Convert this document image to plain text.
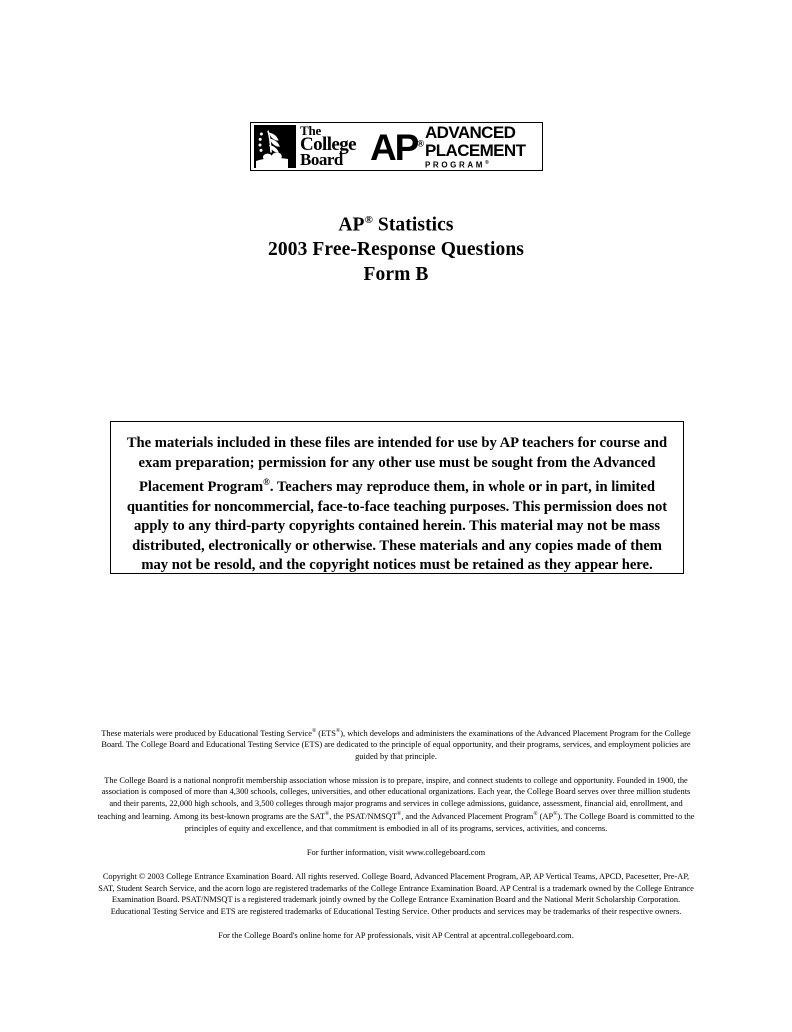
The
College
Board AP®
ADVANCED
PLACEMENT
PROGRAM®
AP® Statistics
2003 Free-Response Questions
Form B
The materials included in these files are intended for use by AP teachers for course and exam preparation; permission for any other use must be sought from the Advanced Placement Program®. Teachers may reproduce them, in whole or in part, in limited quantities for noncommercial, face-to-face teaching purposes. This permission does not apply to any third-party copyrights contained herein. This material may not be mass distributed, electronically or otherwise. These materials and any copies made of them may not be resold, and the copyright notices must be retained as they appear here.

These materials were produced by Educational Testing Service® (ETS®), which develops and administers the examinations of the Advanced Placement Program for the College Board. The College Board and Educational Testing Service (ETS) are dedicated to the principle of equal opportunity, and their programs, services, and employment policies are guided by that principle.

The College Board is a national nonprofit membership association whose mission is to prepare, inspire, and connect students to college and opportunity. Founded in 1900, the association is composed of more than 4,300 schools, colleges, universities, and other educational organizations. Each year, the College Board serves over three million students and their parents, 22,000 high schools, and 3,500 colleges through major programs and services in college admissions, guidance, assessment, financial aid, enrollment, and teaching and learning. Among its best-known programs are the SAT®, the PSAT/NMSQT®, and the Advanced Placement Program® (AP®). The College Board is committed to the principles of equity and excellence, and that commitment is embodied in all of its programs, services, activities, and concerns.

For further information, visit www.collegeboard.com

Copyright © 2003 College Entrance Examination Board. All rights reserved. College Board, Advanced Placement Program, AP, AP Vertical Teams, APCD, Pacesetter, Pre-AP, SAT, Student Search Service, and the acorn logo are registered trademarks of the College Entrance Examination Board. AP Central is a trademark owned by the College Entrance Examination Board. PSAT/NMSQT is a registered trademark jointly owned by the College Entrance Examination Board and the National Merit Scholarship Corporation. Educational Testing Service and ETS are registered trademarks of Educational Testing Service. Other products and services may be trademarks of their respective owners.

For the College Board's online home for AP professionals, visit AP Central at apcentral.collegeboard.com.
